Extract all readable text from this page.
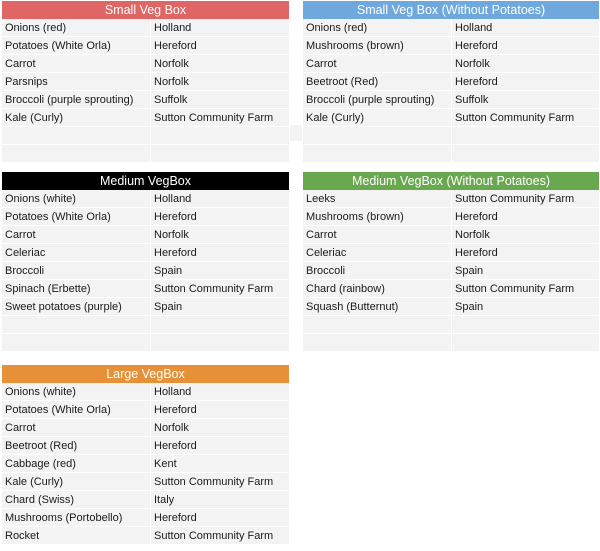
Small Veg Box
Onions (red)	Holland
Potatoes (White Orla)	Hereford
Carrot	Norfolk
Parsnips	Norfolk
Broccoli (purple sprouting)	Suffolk
Kale (Curly)	Sutton Community Farm
Small Veg Box (Without Potatoes)
Onions (red)	Holland
Mushrooms (brown)	Hereford
Carrot	Norfolk
Beetroot (Red)	Hereford
Broccoli (purple sprouting)	Suffolk
Kale (Curly)	Sutton Community Farm
Medium VegBox
Onions (white)	Holland
Potatoes (White Orla)	Hereford
Carrot	Norfolk
Celeriac	Hereford
Broccoli	Spain
Spinach (Erbette)	Sutton Community Farm
Sweet potatoes (purple)	Spain
Medium VegBox (Without Potatoes)
Leeks	Sutton Community Farm
Mushrooms (brown)	Hereford
Carrot	Norfolk
Celeriac	Hereford
Broccoli	Spain
Chard (rainbow)	Sutton Community Farm
Squash (Butternut)	Spain
Large VegBox
Onions (white)	Holland
Potatoes (White Orla)	Hereford
Carrot	Norfolk
Beetroot (Red)	Hereford
Cabbage (red)	Kent
Kale (Curly)	Sutton Community Farm
Chard (Swiss)	Italy
Mushrooms (Portobello)	Hereford
Rocket	Sutton Community Farm
